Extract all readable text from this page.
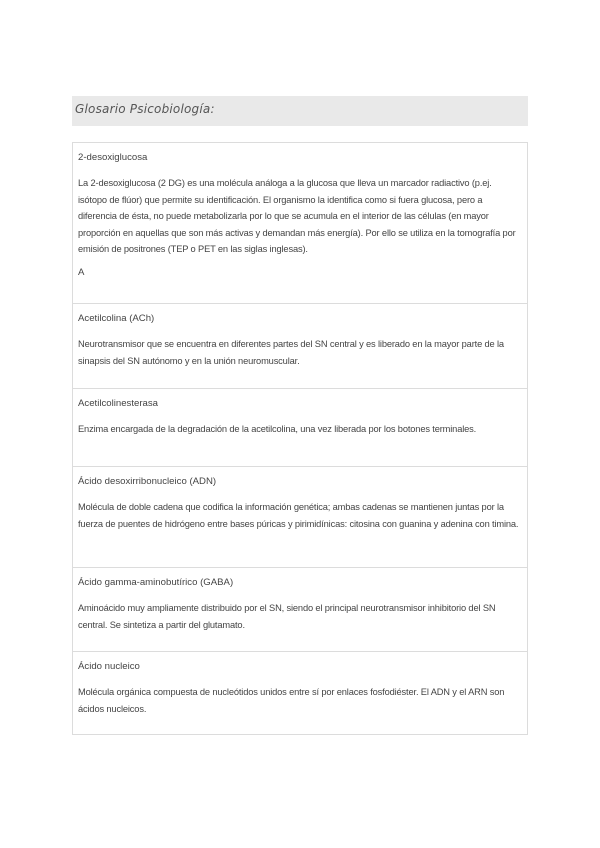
Glosario Psicobiología:
2-desoxiglucosa

La 2-desoxiglucosa (2 DG) es una molécula análoga a la glucosa que lleva un marcador radiactivo (p.ej. isótopo de flúor) que permite su identificación. El organismo la identifica como si fuera glucosa, pero a diferencia de ésta, no puede metabolizarla por lo que se acumula en el interior de las células (en mayor proporción en aquellas que son más activas y demandan más energía). Por ello se utiliza en la tomografía por emisión de positrones (TEP o PET en las siglas inglesas).

A
Acetilcolina (ACh)

Neurotransmisor que se encuentra en diferentes partes del SN central y es liberado en la mayor parte de la sinapsis del SN autónomo y en la unión neuromuscular.

Acetilcolinesterasa

Enzima encargada de la degradación de la acetilcolina, una vez liberada por los botones terminales.

Ácido desoxirribonucleico (ADN)

Molécula de doble cadena que codifica la información genética; ambas cadenas se mantienen juntas por la fuerza de puentes de hidrógeno entre bases púricas y pirimidínicas: citosina con guanina y adenina con timina.

Ácido gamma-aminobutírico (GABA)

Aminoácido muy ampliamente distribuido por el SN, siendo el principal neurotransmisor inhibitorio del SN central. Se sintetiza a partir del glutamato.

Ácido nucleico

Molécula orgánica compuesta de nucleótidos unidos entre sí por enlaces fosfodiéster. El ADN y el ARN son ácidos nucleicos.
